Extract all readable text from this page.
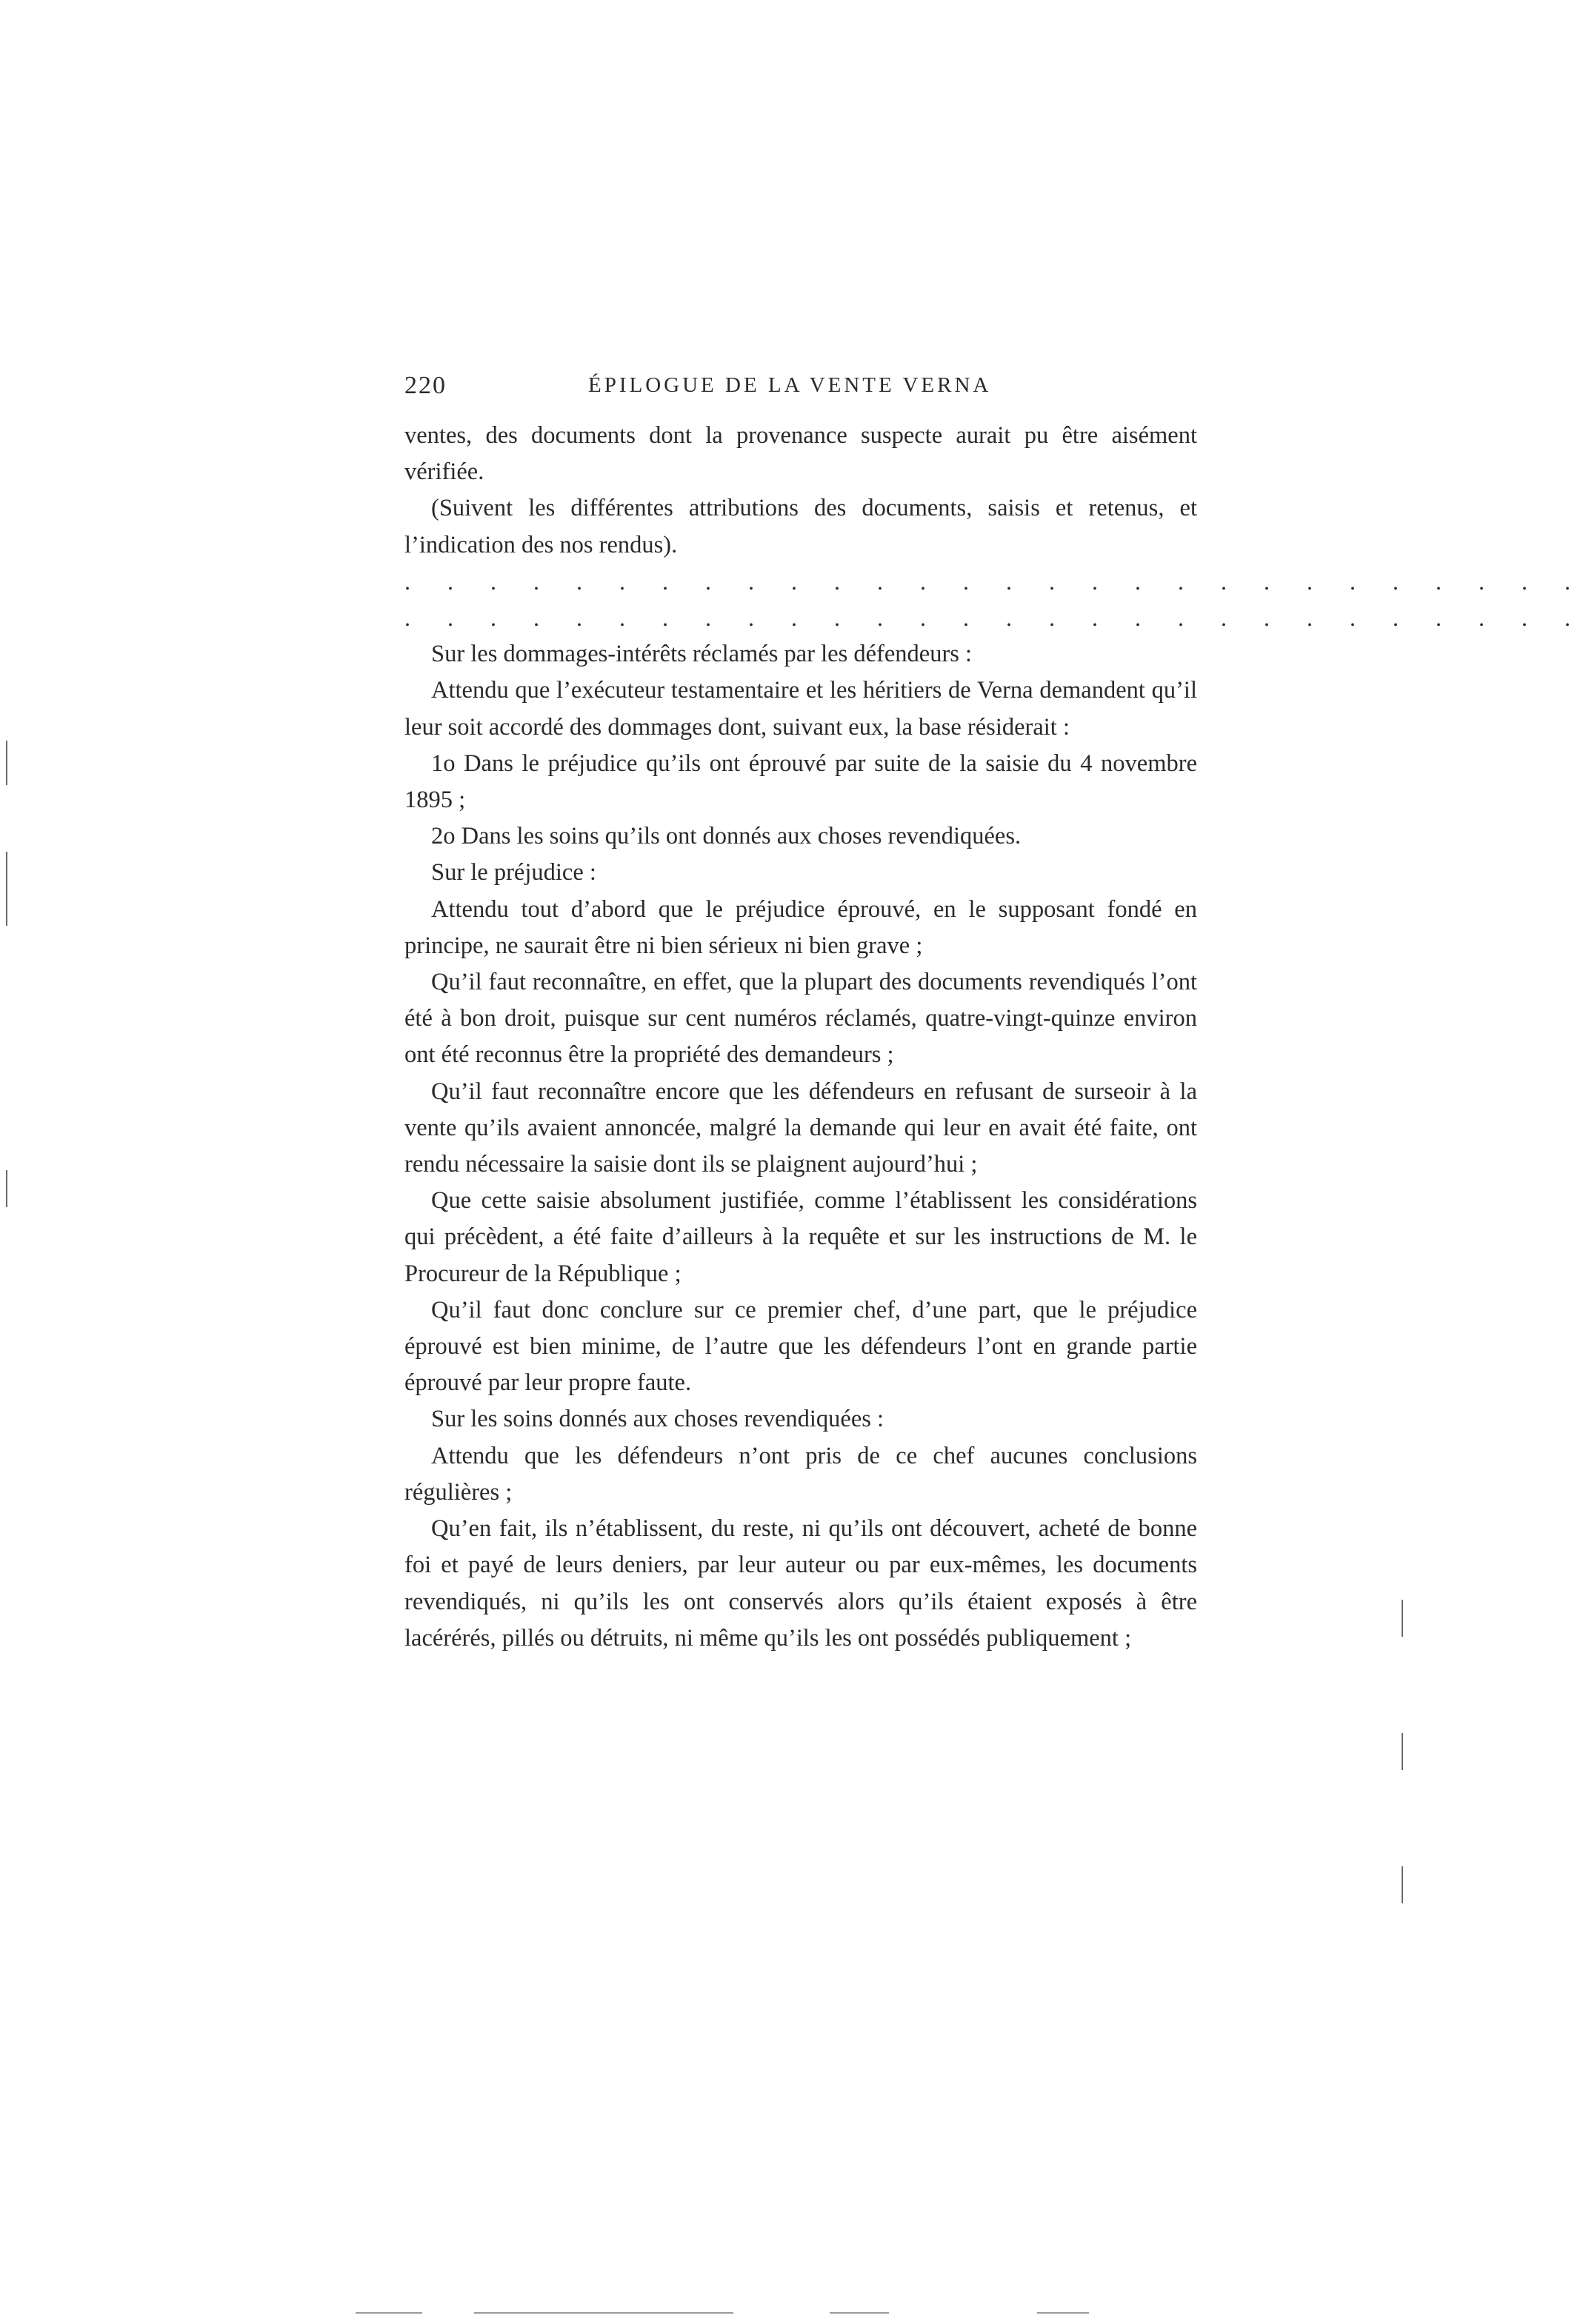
220	ÉPILOGUE DE LA VENTE VERNA

ventes, des documents dont la provenance suspecte aurait pu être aisément vérifiée.

(Suivent les différentes attributions des documents, saisis et retenus, et l’indication des nos rendus).

. . . . . . . . . . . . . . . . . . . . . . . . . . . .

. . . . . . . . . . . . . . . . . . . . . . . . . . . .

Sur les dommages-intérêts réclamés par les défendeurs :

Attendu que l’exécuteur testamentaire et les héritiers de Verna demandent qu’il leur soit accordé des dommages dont, suivant eux, la base résiderait :

1o Dans le préjudice qu’ils ont éprouvé par suite de la saisie du 4 novembre 1895 ;

2o Dans les soins qu’ils ont donnés aux choses revendiquées.

Sur le préjudice :

Attendu tout d’abord que le préjudice éprouvé, en le supposant fondé en principe, ne saurait être ni bien sérieux ni bien grave ;

Qu’il faut reconnaître, en effet, que la plupart des documents revendiqués l’ont été à bon droit, puisque sur cent numéros réclamés, quatre-vingt-quinze environ ont été reconnus être la propriété des demandeurs ;

Qu’il faut reconnaître encore que les défendeurs en refusant de surseoir à la vente qu’ils avaient annoncée, malgré la demande qui leur en avait été faite, ont rendu nécessaire la saisie dont ils se plaignent aujourd’hui ;

Que cette saisie absolument justifiée, comme l’établissent les considérations qui précèdent, a été faite d’ailleurs à la requête et sur les instructions de M. le Procureur de la République ;

Qu’il faut donc conclure sur ce premier chef, d’une part, que le préjudice éprouvé est bien minime, de l’autre que les défendeurs l’ont en grande partie éprouvé par leur propre faute.

Sur les soins donnés aux choses revendiquées :

Attendu que les défendeurs n’ont pris de ce chef aucunes conclusions régulières ;

Qu’en fait, ils n’établissent, du reste, ni qu’ils ont découvert, acheté de bonne foi et payé de leurs deniers, par leur auteur ou par eux-mêmes, les documents revendiqués, ni qu’ils les ont conservés alors qu’ils étaient exposés à être lacérérés, pillés ou détruits, ni même qu’ils les ont possédés publiquement ;
